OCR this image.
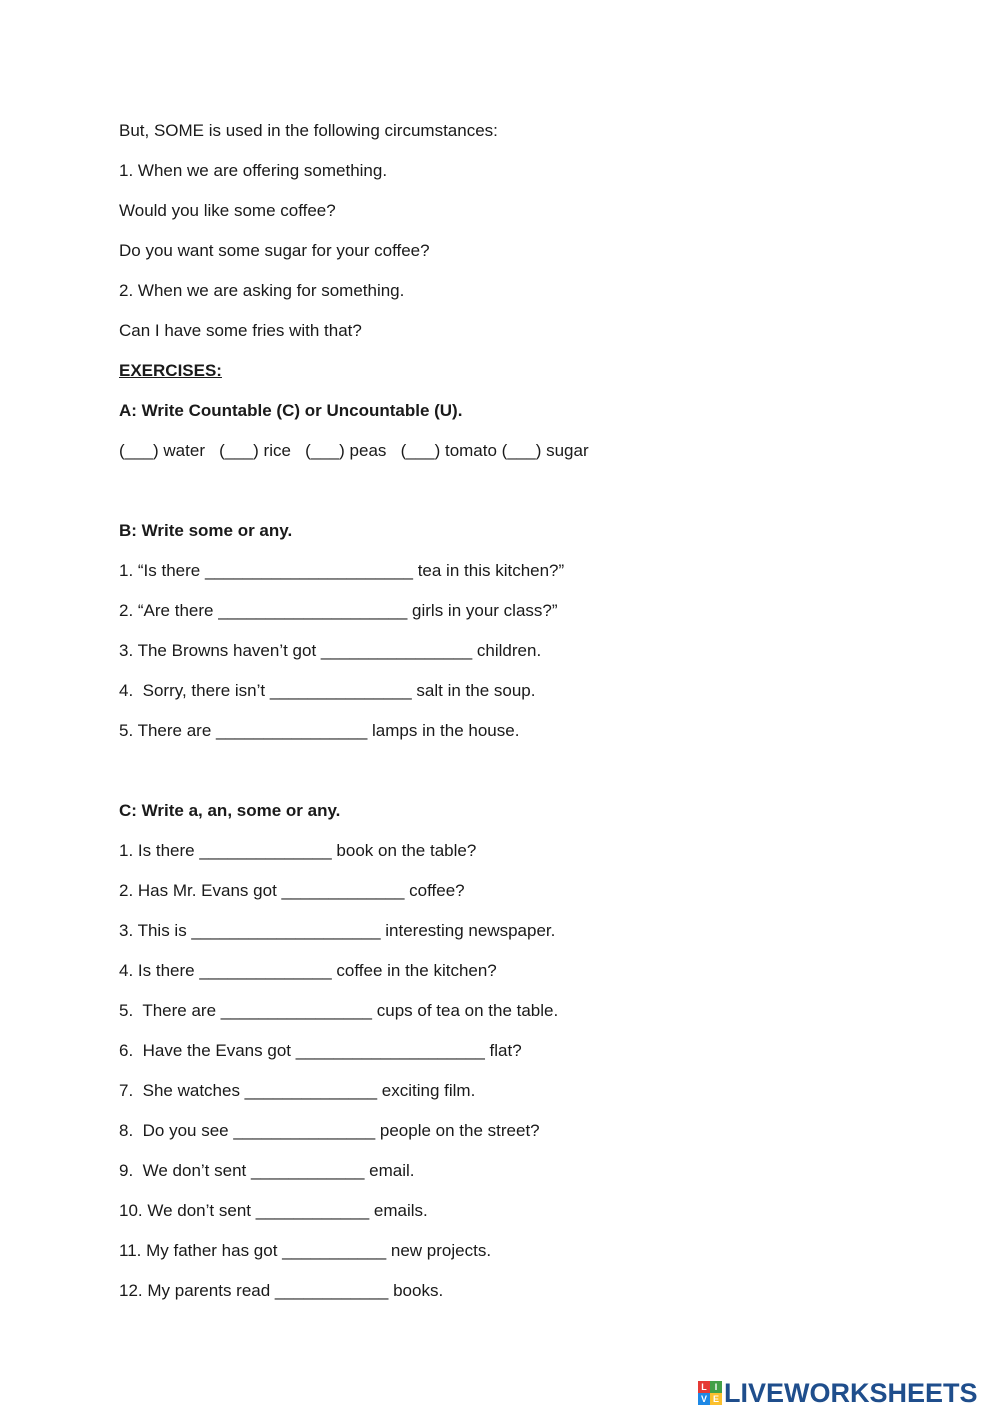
But, SOME is used in the following circumstances:
1. When we are offering something.
Would you like some coffee?
Do you want some sugar for your coffee?
2. When we are asking for something.
Can I have some fries with that?
EXERCISES:
A: Write Countable (C) or Uncountable (U).
(___) water   (___) rice   (___) peas   (___) tomato (___) sugar
B: Write some or any.
1. “Is there ______________________ tea in this kitchen?”
2. “Are there ____________________ girls in your class?”
3. The Browns haven’t got ________________ children.
4.  Sorry, there isn’t _______________ salt in the soup.
5. There are ________________ lamps in the house.
C: Write a, an, some or any.
1. Is there ______________ book on the table?
2. Has Mr. Evans got _____________ coffee?
3. This is ____________________ interesting newspaper.
4. Is there ______________ coffee in the kitchen?
5.  There are ________________ cups of tea on the table.
6.  Have the Evans got ____________________ flat?
7.  She watches ______________ exciting film.
8.  Do you see _______________ people on the street?
9.  We don’t sent ____________ email.
10. We don’t sent ____________ emails.
11. My father has got ___________ new projects.
12. My parents read ____________ books.
L I
V E LIVEWORKSHEETS
